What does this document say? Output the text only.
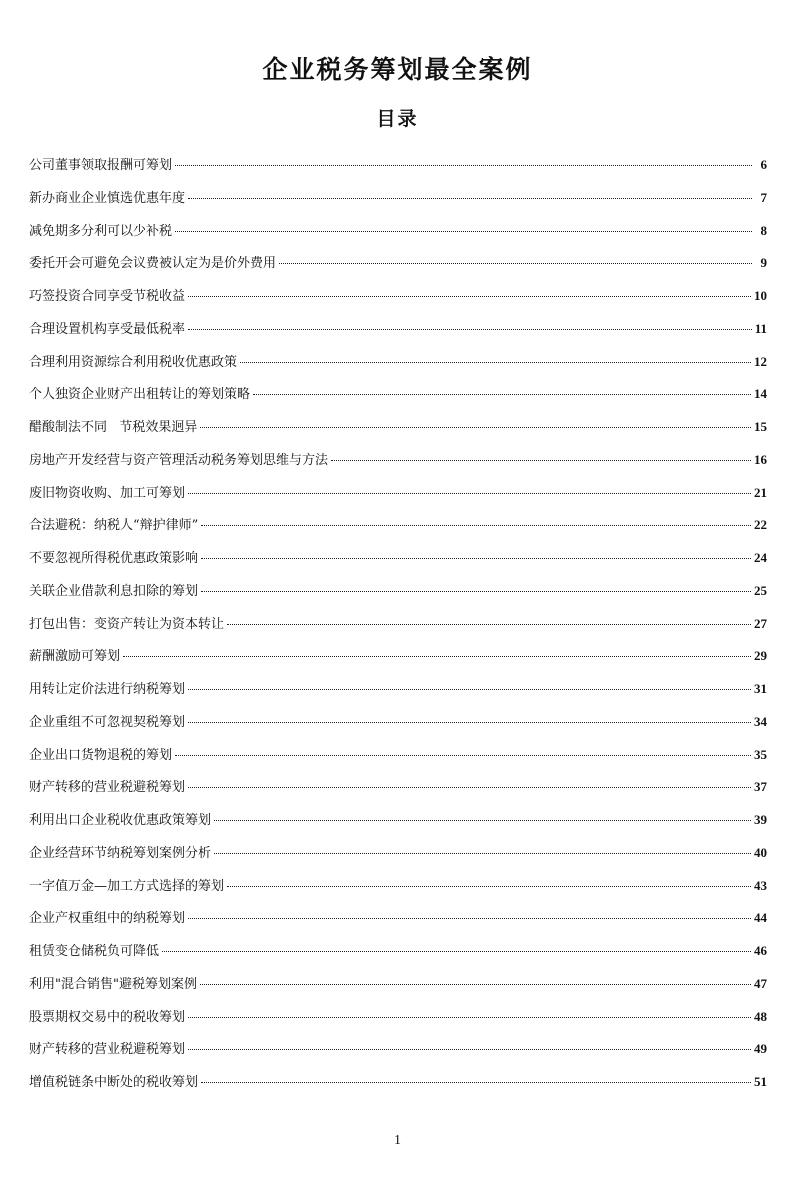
企业税务筹划最全案例
目录
公司董事领取报酬可筹划	6
新办商业企业慎选优惠年度	7
减免期多分利可以少补税	8
委托开会可避免会议费被认定为是价外费用	9
巧签投资合同享受节税收益	10
合理设置机构享受最低税率	11
合理利用资源综合利用税收优惠政策	12
个人独资企业财产出租转让的筹划策略	14
醋酸制法不同   节税效果迥异	15
房地产开发经营与资产管理活动税务筹划思维与方法	16
废旧物资收购、加工可筹划	21
合法避税：纳税人“辩护律师”	22
不要忽视所得税优惠政策影响	24
关联企业借款利息扣除的筹划	25
打包出售：变资产转让为资本转让	27
薪酬激励可筹划	29
用转让定价法进行纳税筹划	31
企业重组不可忽视契税筹划	34
企业出口货物退税的筹划	35
财产转移的营业税避税筹划	37
利用出口企业税收优惠政策筹划	39
企业经营环节纳税筹划案例分析	40
一字值万金—加工方式选择的筹划	43
企业产权重组中的纳税筹划	44
租赁变仓储税负可降低	46
利用"混合销售"避税筹划案例	47
股票期权交易中的税收筹划	48
财产转移的营业税避税筹划	49
增值税链条中断处的税收筹划	51
1
